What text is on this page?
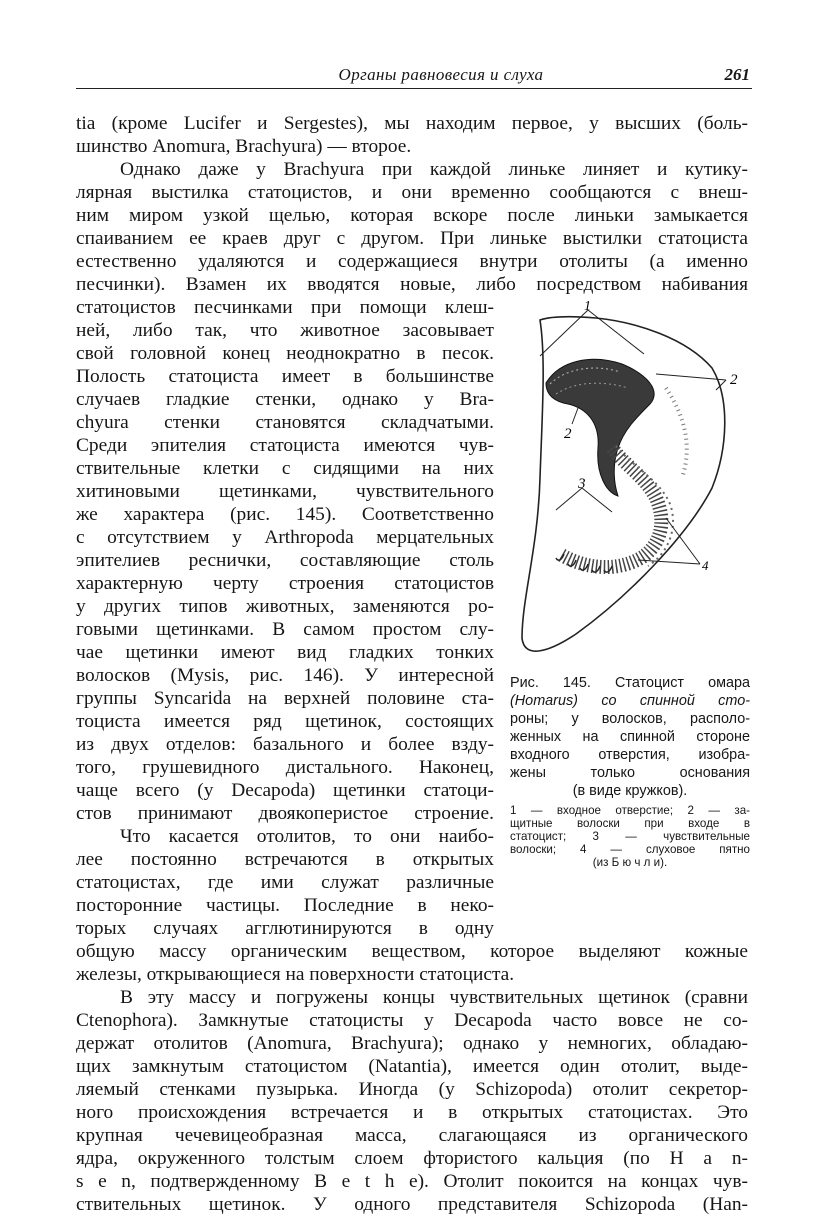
Органы равновесия и слуха	261
tia (кроме Lucifer и Sergestes), мы находим первое, у высших (боль-
шинство Anomura, Brachyura) — второе.
Однако даже у Brachyura при каждой линьке линяет и кутику-
лярная выстилка статоцистов, и они временно сообщаются с внеш-
ним миром узкой щелью, которая вскоре после линьки замыкается
спаиванием ее краев друг с другом. При линьке выстилки статоциста
естественно удаляются и содержащиеся внутри отолиты (а именно
песчинки). Взамен их вводятся новые, либо посредством набивания
статоцистов песчинками при помощи клеш-
ней, либо так, что животное засовывает
свой головной конец неоднократно в песок.
Полость статоциста имеет в большинстве
случаев гладкие стенки, однако у Bra-
chyura стенки становятся складчатыми.
Среди эпителия статоциста имеются чув-
ствительные клетки с сидящими на них
хитиновыми щетинками, чувствительного
же характера (рис. 145). Соответственно
с отсутствием у Arthropoda мерцательных
эпителиев реснички, составляющие столь
характерную черту строения статоцистов
у других типов животных, заменяются ро-
говыми щетинками. В самом простом слу-
чае щетинки имеют вид гладких тонких
волосков (Mysis, рис. 146). У интересной
группы Syncarida на верхней половине ста-
тоциста имеется ряд щетинок, состоящих
из двух отделов: базального и более взду-
того, грушевидного дистального. Наконец,
чаще всего (у Decapoda) щетинки статоци-
стов принимают двоякоперистое строение.
Что касается отолитов, то они наибо-
лее постоянно встречаются в открытых
статоцистах, где ими служат различные
посторонние частицы. Последние в неко-
торых случаях агглютинируются в одну
общую массу органическим веществом, которое выделяют кожные
железы, открывающиеся на поверхности статоциста.
В эту массу и погружены концы чувствительных щетинок (сравни
Ctenophora). Замкнутые статоцисты у Decapoda часто вовсе не со-
держат отолитов (Anomura, Brachyura); однако у немногих, обладаю-
щих замкнутым статоцистом (Natantia), имеется один отолит, выде-
ляемый стенками пузырька. Иногда (у Schizopoda) отолит секретор-
ного происхождения встречается и в открытых статоцистах. Это
крупная чечевицеобразная масса, слагающаяся из органического
ядра, окруженного толстым слоем фтористого кальция (по Н а n-
s е n, подтвержденному В е t h е). Отолит покоится на концах чув-
ствительных щетинок. У одного представителя Schizopoda (Han-
1
2
2
3
4
Рис. 145. Статоцист омара
(Homarus) со спинной сто-
роны; у волосков, располо-
женных на спинной стороне
входного отверстия, изобра-
жены только основания
(в виде кружков).
1 — входное отверстие; 2 — за-
щитные волоски при входе в
статоцист; 3 — чувствительные
волоски; 4 — слуховое пятно
(из Б ю ч л и).
